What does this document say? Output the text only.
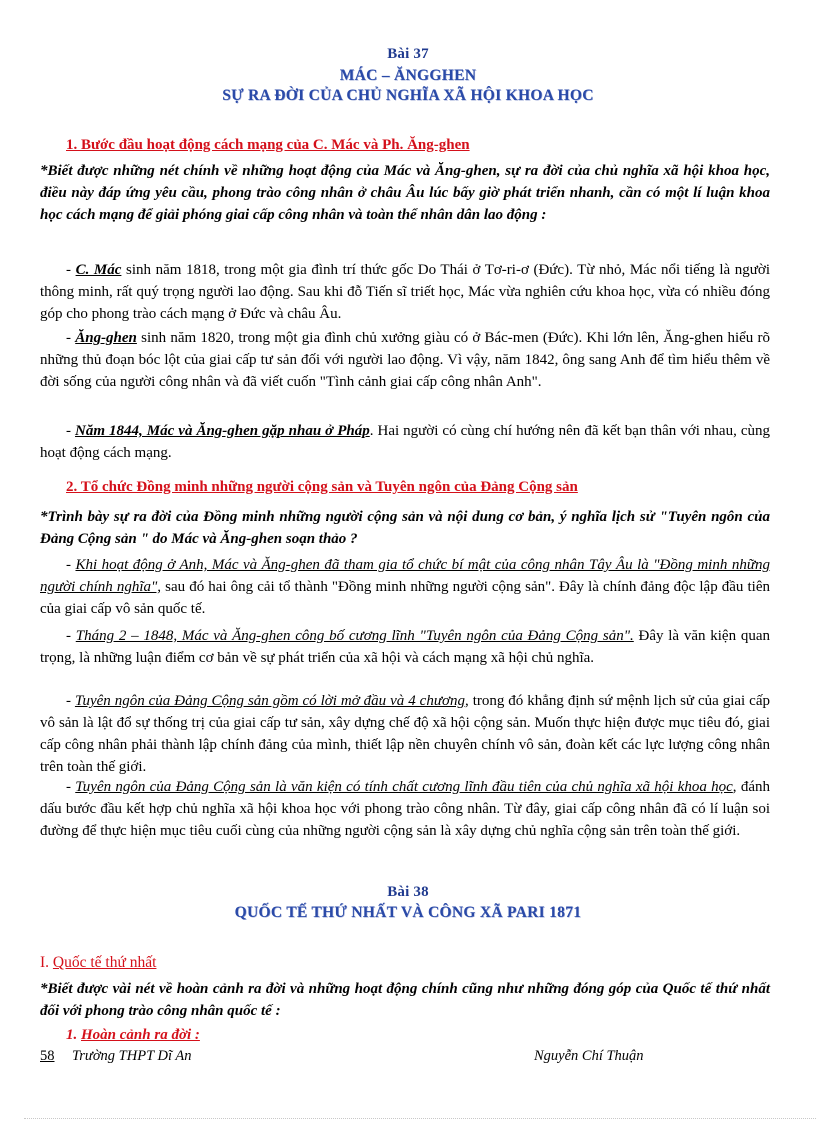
Bài 37
MÁC – ĂNGGHEN
SỰ RA ĐỜI CỦA CHỦ NGHĨA XÃ HỘI KHOA HỌC
1. Bước đầu hoạt động cách mạng của C. Mác và Ph. Ăng-ghen
*Biết được những nét chính về những hoạt động của Mác và Ăng-ghen, sự ra đời của chủ nghĩa xã hội khoa học, điều này đáp ứng yêu cầu, phong trào công nhân ở châu Âu lúc bấy giờ phát triển nhanh, cần có một lí luận khoa học cách mạng để giải phóng giai cấp công nhân và toàn thể nhân dân lao động :
- C. Mác sinh năm 1818, trong một gia đình trí thức gốc Do Thái ở Tơ-ri-ơ (Đức). Từ nhỏ, Mác nổi tiếng là người thông minh, rất quý trọng người lao động. Sau khi đỗ Tiến sĩ triết học, Mác vừa nghiên cứu khoa học, vừa có nhiều đóng góp cho phong trào cách mạng ở Đức và châu Âu.
- Ăng-ghen sinh năm 1820, trong một gia đình chủ xưởng giàu có ở Bác-men (Đức). Khi lớn lên, Ăng-ghen hiểu rõ những thủ đoạn bóc lột của giai cấp tư sản đối với người lao động. Vì vậy, năm 1842, ông sang Anh để tìm hiểu thêm về đời sống của người công nhân và đã viết cuốn "Tình cảnh giai cấp công nhân Anh".
- Năm 1844, Mác và Ăng-ghen gặp nhau ở Pháp. Hai người có cùng chí hướng nên đã kết bạn thân với nhau, cùng hoạt động cách mạng.
2. Tổ chức Đồng minh những người cộng sản và Tuyên ngôn của Đảng Cộng sản
*Trình bày sự ra đời của Đồng minh những người cộng sản và nội dung cơ bản, ý nghĩa lịch sử "Tuyên ngôn của Đảng Cộng sản " do Mác và Ăng-ghen soạn thảo ?
- Khi hoạt động ở Anh, Mác và Ăng-ghen đã tham gia tổ chức bí mật của công nhân Tây Âu là "Đồng minh những người chính nghĩa", sau đó hai ông cải tổ thành "Đồng minh những người cộng sản". Đây là chính đảng độc lập đầu tiên của giai cấp vô sản quốc tế.
- Tháng 2 – 1848, Mác và Ăng-ghen công bố cương lĩnh "Tuyên ngôn của Đảng Cộng sản". Đây là văn kiện quan trọng, là những luận điểm cơ bản về sự phát triển của xã hội và cách mạng xã hội chủ nghĩa.
- Tuyên ngôn của Đảng Cộng sản gồm có lời mở đầu và 4 chương, trong đó khẳng định sứ mệnh lịch sử của giai cấp vô sản là lật đổ sự thống trị của giai cấp tư sản, xây dựng chế độ xã hội cộng sản. Muốn thực hiện được mục tiêu đó, giai cấp công nhân phải thành lập chính đảng của mình, thiết lập nền chuyên chính vô sản, đoàn kết các lực lượng công nhân trên toàn thế giới.
- Tuyên ngôn của Đảng Cộng sản là văn kiện có tính chất cương lĩnh đầu tiên của chủ nghĩa xã hội khoa học, đánh dấu bước đầu kết hợp chủ nghĩa xã hội khoa học với phong trào công nhân. Từ đây, giai cấp công nhân đã có lí luận soi đường để thực hiện mục tiêu cuối cùng của những người cộng sản là xây dựng chủ nghĩa cộng sản trên toàn thế giới.
Bài 38
QUỐC TẾ THỨ NHẤT VÀ CÔNG XÃ PARI 1871
I. Quốc tế thứ nhất
*Biết được vài nét về hoàn cảnh ra đời và những hoạt động chính cũng như những đóng góp của Quốc tế thứ nhất đối với phong trào công nhân quốc tế :
1. Hoàn cảnh ra đời :
58 Trường THPT Dĩ An	Nguyễn Chí Thuận
